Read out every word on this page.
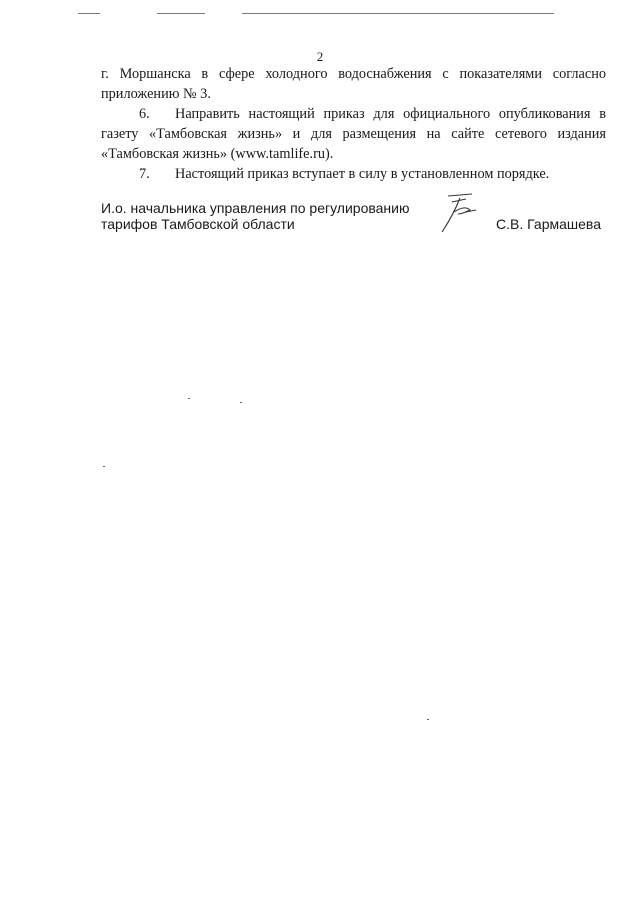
2

г. Моршанска в сфере холодного водоснабжения с показателями согласно приложению № 3.

6. Направить настоящий приказ для официального опубликования в газету «Тамбовская жизнь» и для размещения на сайте сетевого издания «Тамбовская жизнь» (www.tamlife.ru).

7. Настоящий приказ вступает в силу в установленном порядке.

И.о. начальника управления по регулированию
тарифов Тамбовской области	С.В. Гармашева
